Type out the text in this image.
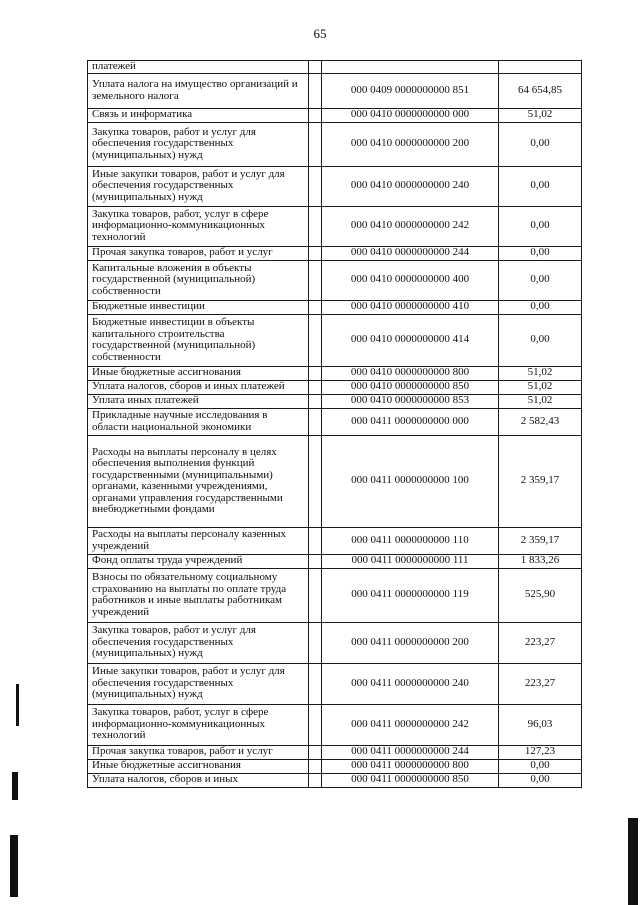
65
платежей			
Уплата налога на имущество организаций и земельного налога		000 0409 0000000000 851	64 654,85
Связь и информатика		000 0410 0000000000 000	51,02
Закупка товаров, работ и услуг для обеспечения государственных (муниципальных) нужд		000 0410 0000000000 200	0,00
Иные закупки товаров, работ и услуг для обеспечения государственных (муниципальных) нужд		000 0410 0000000000 240	0,00
Закупка товаров, работ, услуг в сфере информационно-коммуникационных технологий		000 0410 0000000000 242	0,00
Прочая закупка товаров, работ и услуг		000 0410 0000000000 244	0,00
Капитальные вложения в объекты государственной (муниципальной) собственности		000 0410 0000000000 400	0,00
Бюджетные инвестиции		000 0410 0000000000 410	0,00
Бюджетные инвестиции в объекты капитального строительства государственной (муниципальной) собственности		000 0410 0000000000 414	0,00
Иные бюджетные ассигнования		000 0410 0000000000 800	51,02
Уплата налогов, сборов и иных платежей		000 0410 0000000000 850	51,02
Уплата иных платежей		000 0410 0000000000 853	51,02
Прикладные научные исследования в области национальной экономики		000 0411 0000000000 000	2 582,43
Расходы на выплаты персоналу в целях обеспечения выполнения функций государственными (муниципальными) органами, казенными учреждениями, органами управления государственными внебюджетными фондами		000 0411 0000000000 100	2 359,17
Расходы на выплаты персоналу казенных учреждений		000 0411 0000000000 110	2 359,17
Фонд оплаты труда учреждений		000 0411 0000000000 111	1 833,26
Взносы по обязательному социальному страхованию на выплаты по оплате труда работников и иные выплаты работникам учреждений		000 0411 0000000000 119	525,90
Закупка товаров, работ и услуг для обеспечения государственных (муниципальных) нужд		000 0411 0000000000 200	223,27
Иные закупки товаров, работ и услуг для обеспечения государственных (муниципальных) нужд		000 0411 0000000000 240	223,27
Закупка товаров, работ, услуг в сфере информационно-коммуникационных технологий		000 0411 0000000000 242	96,03
Прочая закупка товаров, работ и услуг		000 0411 0000000000 244	127,23
Иные бюджетные ассигнования		000 0411 0000000000 800	0,00
Уплата налогов, сборов и иных		000 0411 0000000000 850	0,00
